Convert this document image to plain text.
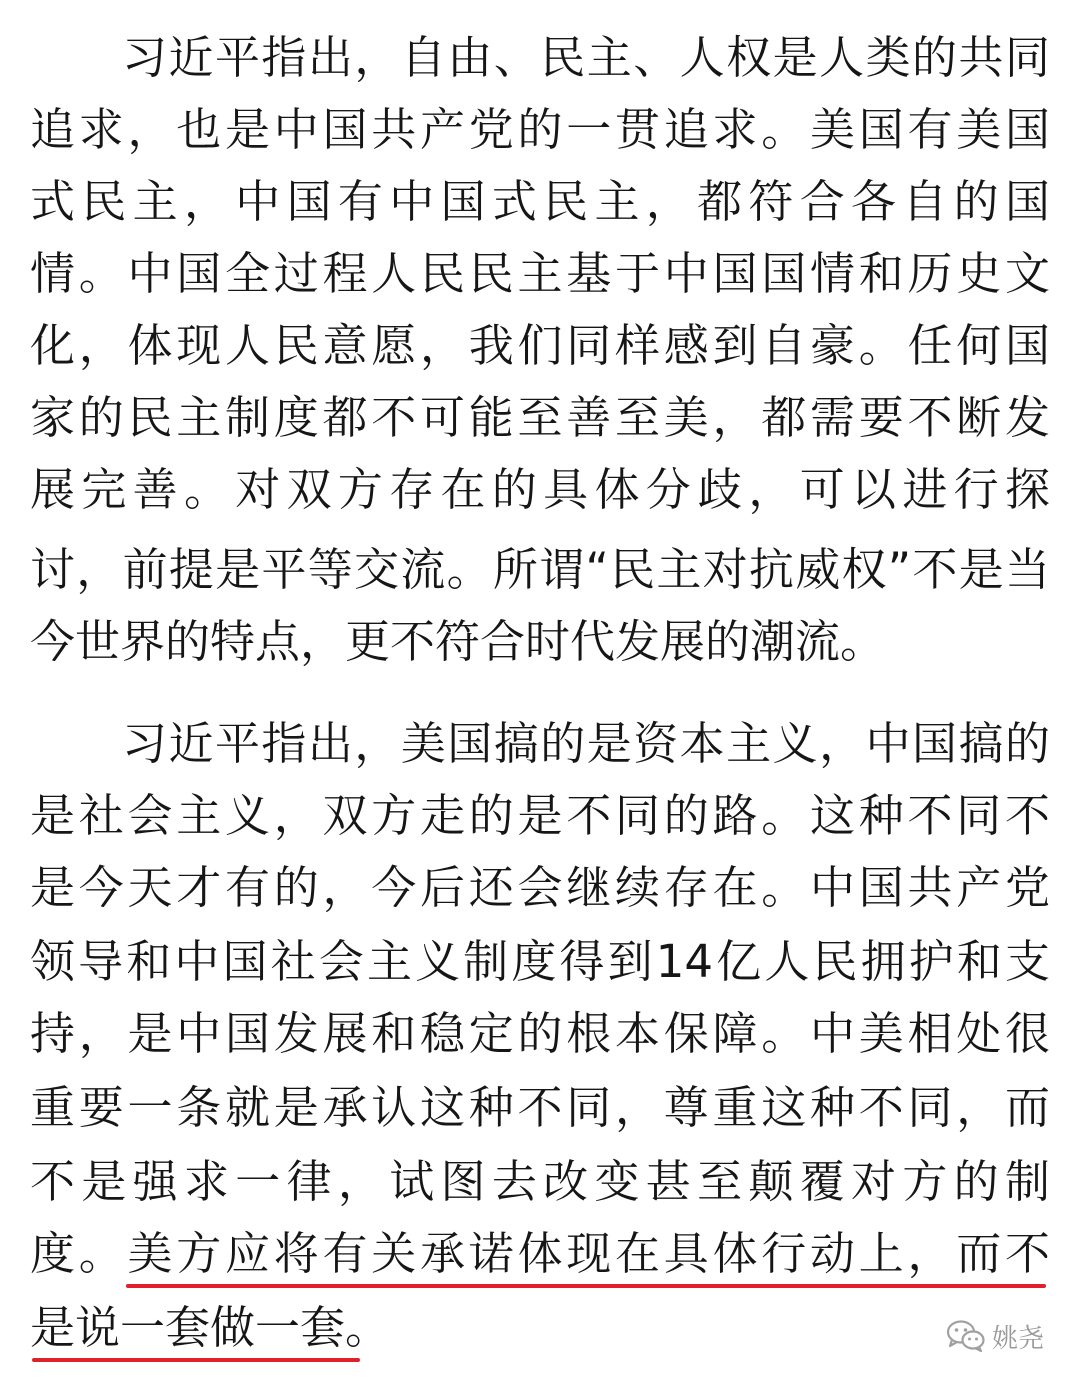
习近平指出，自由、民主、人权是人类的共同
追求，也是中国共产党的一贯追求。美国有美国
式民主，中国有中国式民主，都符合各自的国
情。中国全过程人民民主基于中国国情和历史文
化，体现人民意愿，我们同样感到自豪。任何国
家的民主制度都不可能至善至美，都需要不断发
展完善。对双方存在的具体分歧，可以进行探
讨，前提是平等交流。所谓“民主对抗威权”不是当
今世界的特点，更不符合时代发展的潮流。
习近平指出，美国搞的是资本主义，中国搞的
是社会主义，双方走的是不同的路。这种不同不
是今天才有的，今后还会继续存在。中国共产党
领导和中国社会主义制度得到14亿人民拥护和支
持，是中国发展和稳定的根本保障。中美相处很
重要一条就是承认这种不同，尊重这种不同，而
不是强求一律，试图去改变甚至颠覆对方的制
度。美方应将有关承诺体现在具体行动上，而不
是说一套做一套。	姚尧
